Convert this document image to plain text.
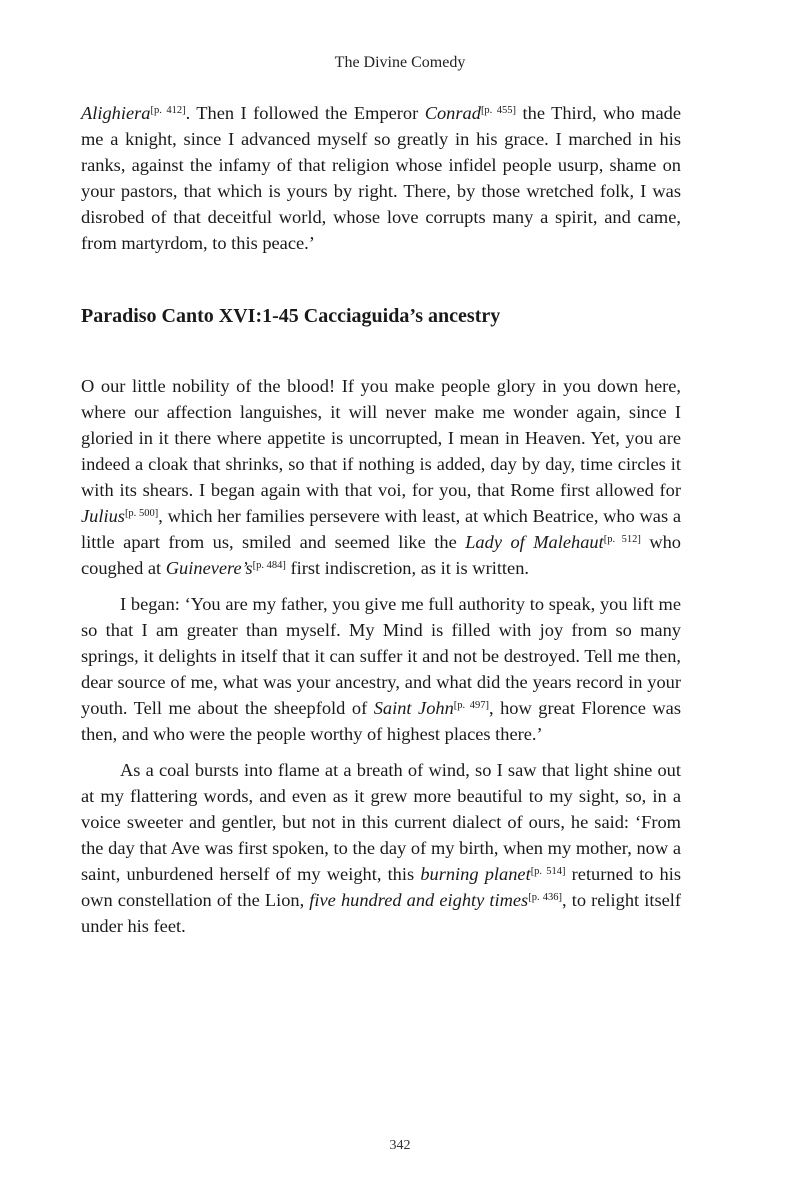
The Divine Comedy

Alighiera[p. 412]. Then I followed the Emperor Conrad[p. 455] the Third, who made me a knight, since I advanced myself so greatly in his grace. I marched in his ranks, against the infamy of that religion whose infidel people usurp, shame on your pastors, that which is yours by right. There, by those wretched folk, I was disrobed of that deceitful world, whose love corrupts many a spirit, and came, from martyrdom, to this peace.’

Paradiso Canto XVI:1-45 Cacciaguida’s ancestry

O our little nobility of the blood! If you make people glory in you down here, where our affection languishes, it will never make me wonder again, since I gloried in it there where appetite is uncorrupted, I mean in Heaven. Yet, you are indeed a cloak that shrinks, so that if nothing is added, day by day, time circles it with its shears. I began again with that voi, for you, that Rome first allowed for Julius[p. 500], which her families persevere with least, at which Beatrice, who was a little apart from us, smiled and seemed like the Lady of Malehaut[p. 512] who coughed at Guinevere’s[p. 484] first indiscretion, as it is written.

I began: ‘You are my father, you give me full authority to speak, you lift me so that I am greater than myself. My Mind is filled with joy from so many springs, it delights in itself that it can suffer it and not be destroyed. Tell me then, dear source of me, what was your ancestry, and what did the years record in your youth. Tell me about the sheepfold of Saint John[p. 497], how great Florence was then, and who were the people worthy of highest places there.’

As a coal bursts into flame at a breath of wind, so I saw that light shine out at my flattering words, and even as it grew more beautiful to my sight, so, in a voice sweeter and gentler, but not in this current dialect of ours, he said: ‘From the day that Ave was first spoken, to the day of my birth, when my mother, now a saint, unburdened herself of my weight, this burning planet[p. 514] returned to his own constellation of the Lion, five hundred and eighty times[p. 436], to relight itself under his feet.

342
